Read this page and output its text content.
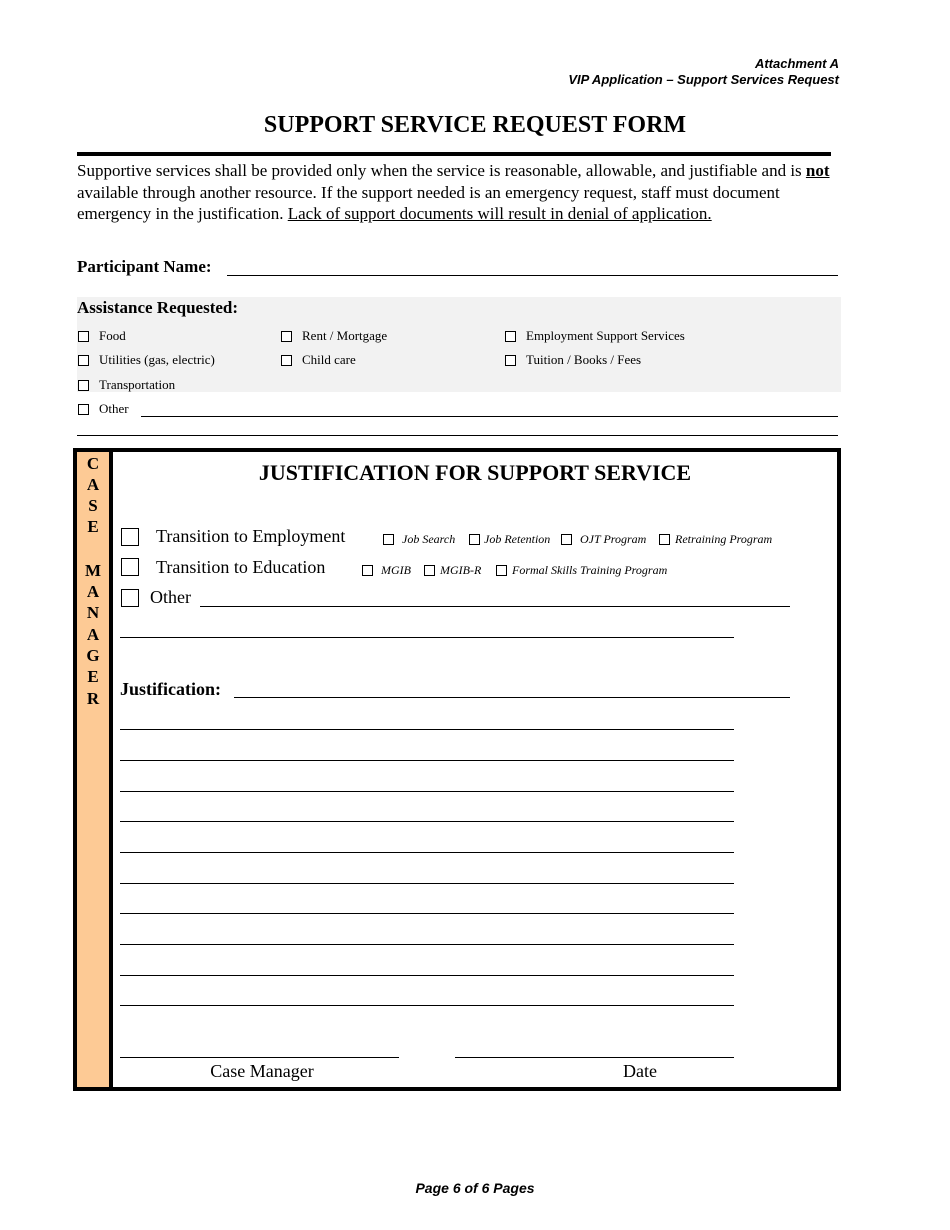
Attachment A
VIP Application – Support Services Request
SUPPORT SERVICE REQUEST FORM
Supportive services shall be provided only when the service is reasonable, allowable, and justifiable and is not available through another resource. If the support needed is an emergency request, staff must document emergency in the justification. Lack of support documents will result in denial of application.
Participant Name:
Assistance Requested:
Food	Rent / Mortgage	Employment Support Services
Utilities (gas, electric)	Child care	Tuition / Books / Fees
Transportation
Other
C
A
S
E
M
A
N
A
G
E
R
JUSTIFICATION FOR SUPPORT SERVICE
Transition to Employment	Job Search Job Retention OJT Program Retraining Program
Transition to Education	MGIB MGIB-R	Formal Skills Training Program
Other
Justification:
Case Manager	Date
Page 6 of 6 Pages
